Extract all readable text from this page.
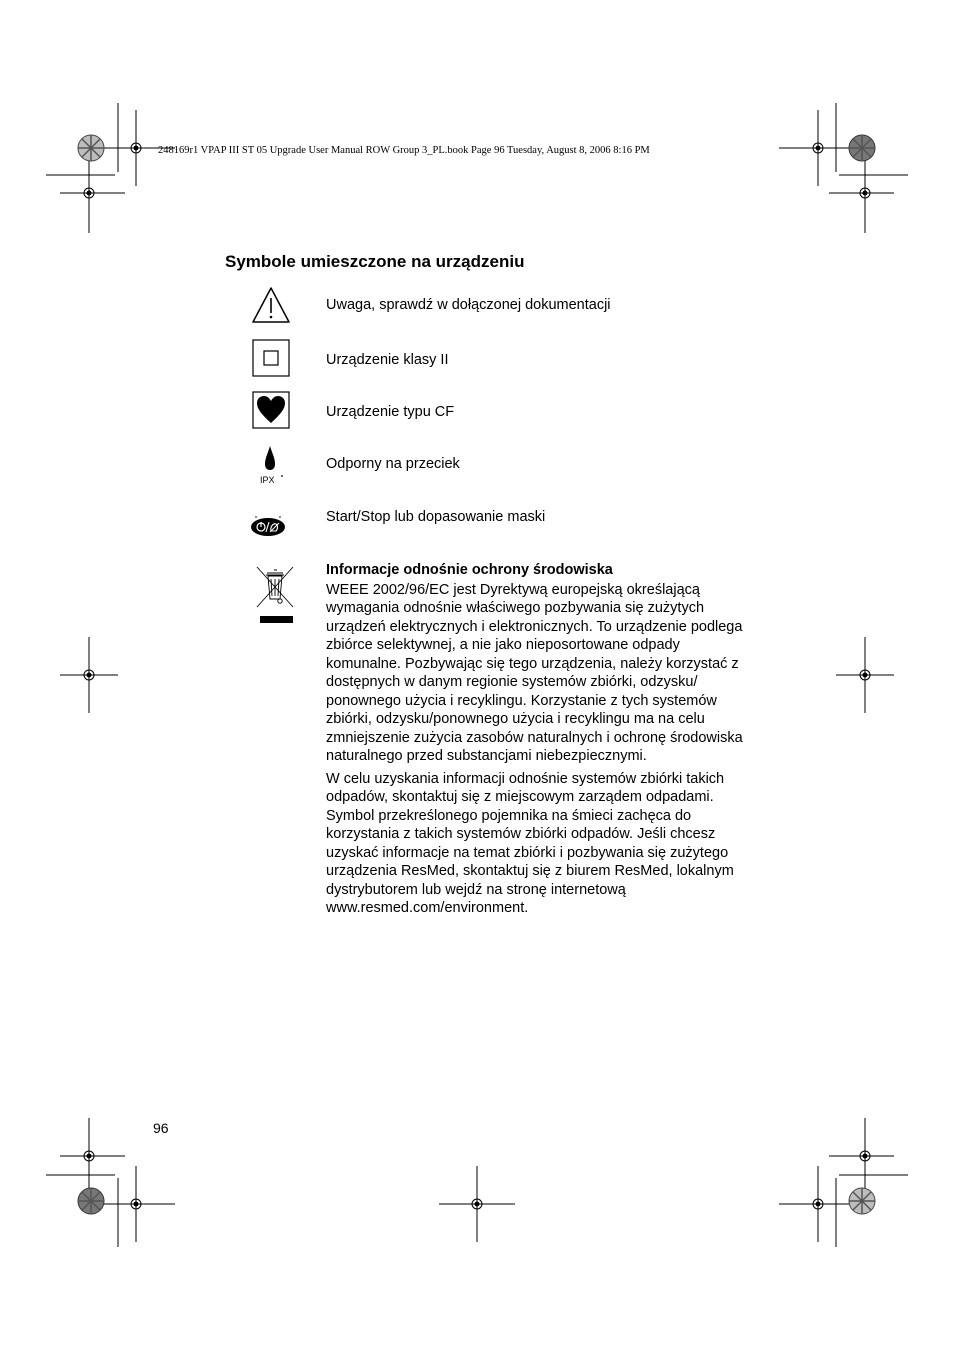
248169r1 VPAP III ST 05 Upgrade User Manual ROW Group 3_PL.book Page 96 Tuesday, August 8, 2006 8:16 PM
Symbole umieszczone na urządzeniu
Uwaga, sprawdź w dołączonej dokumentacji
Urządzenie klasy II
Urządzenie typu CF
IPX
Odporny na przeciek
Start/Stop lub dopasowanie maski

Informacje odnośnie ochrony środowiska

WEEE 2002/96/EC jest Dyrektywą europejską określającą wymagania odnośnie właściwego pozbywania się zużytych urządzeń elektrycznych i elektronicznych. To urządzenie podlega zbiórce selektywnej, a nie jako nieposortowane odpady komunalne. Pozbywając się tego urządzenia, należy korzystać z dostępnych w danym regionie systemów zbiórki, odzysku/ ponownego użycia i recyklingu. Korzystanie z tych systemów zbiórki, odzysku/ponownego użycia i recyklingu ma na celu zmniejszenie zużycia zasobów naturalnych i ochronę środowiska naturalnego przed substancjami niebezpiecznymi.

W celu uzyskania informacji odnośnie systemów zbiórki takich odpadów, skontaktuj się z miejscowym zarządem odpadami. Symbol przekreślonego pojemnika na śmieci zachęca do korzystania z takich systemów zbiórki odpadów. Jeśli chcesz uzyskać informacje na temat zbiórki i pozbywania się zużytego urządzenia ResMed, skontaktuj się z biurem ResMed, lokalnym dystrybutorem lub wejdź na stronę internetową www.resmed.com/environment.

96
